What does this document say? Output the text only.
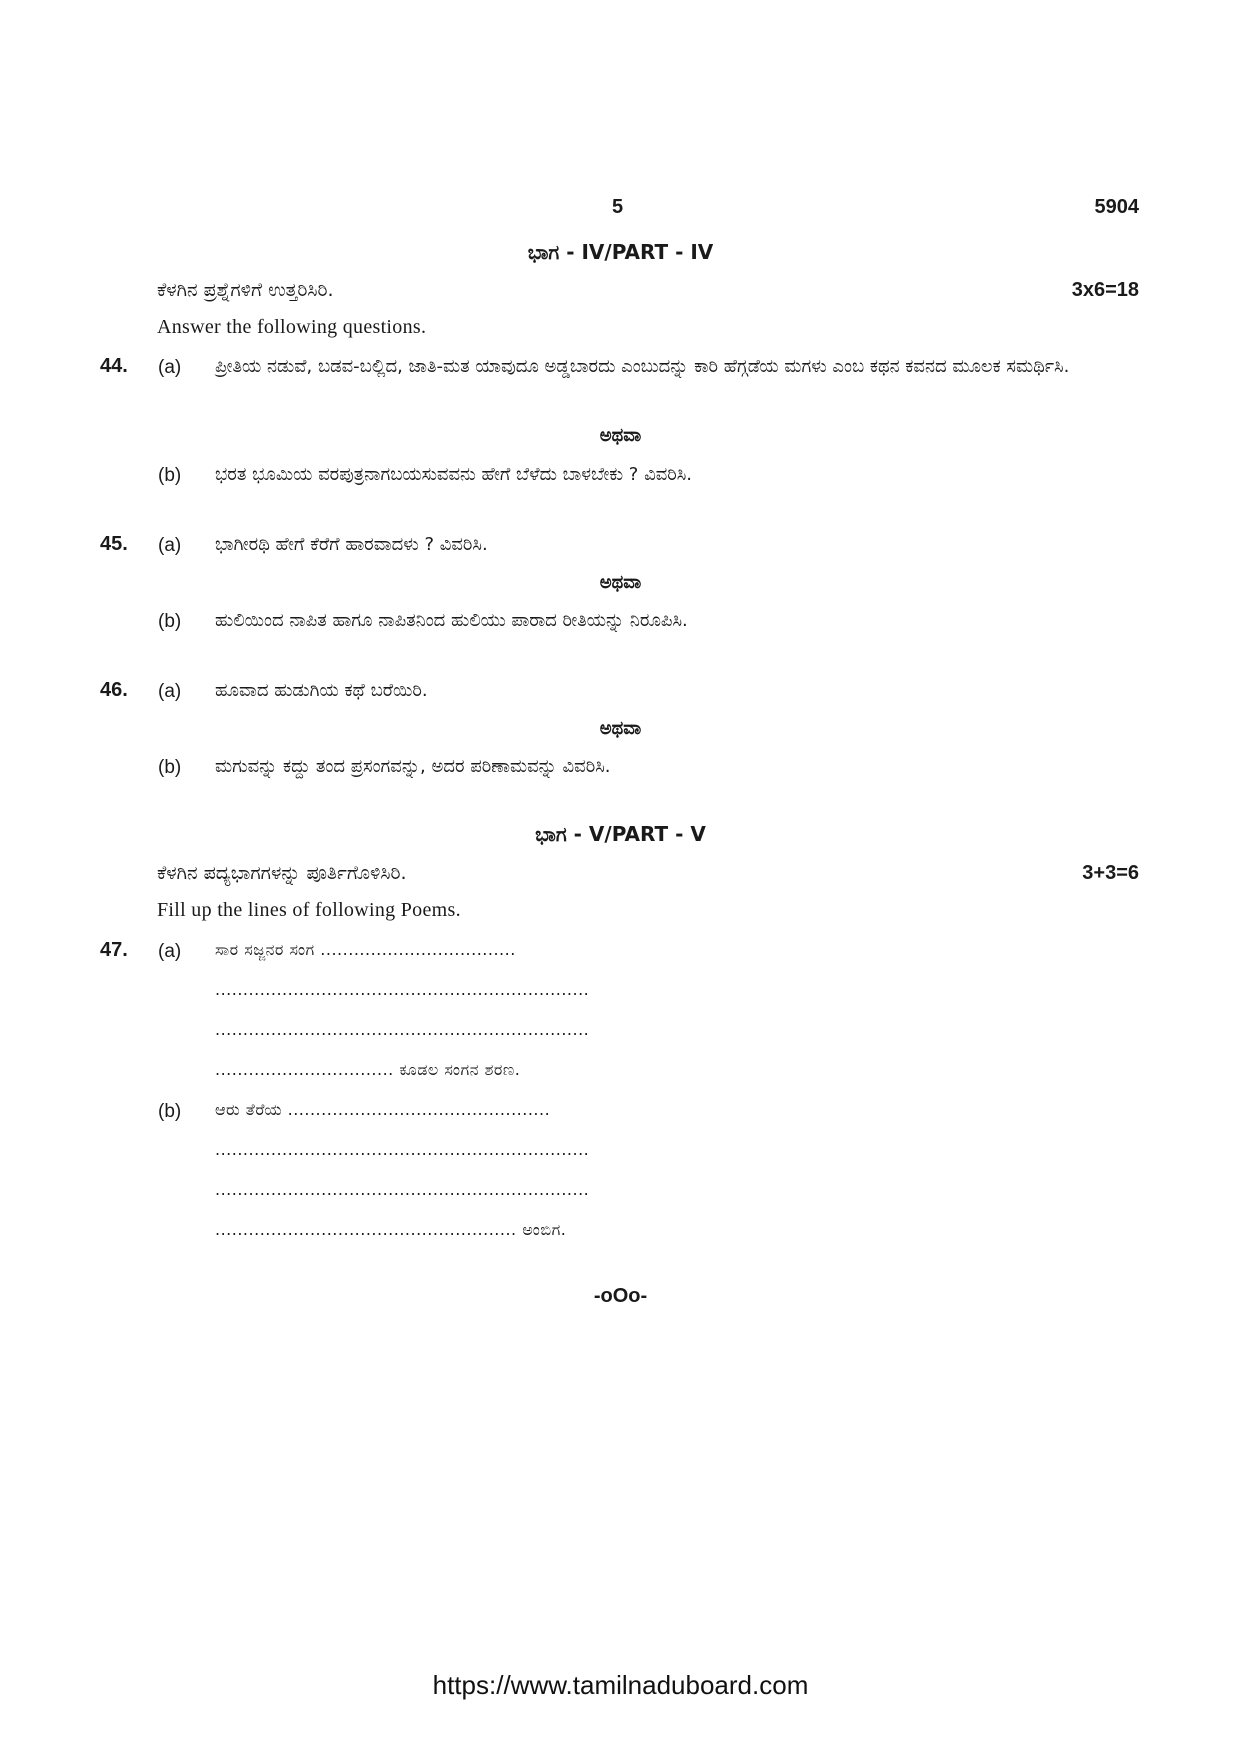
5	5904
ಭಾಗ - IV/PART - IV
ಕೆಳಗಿನ ಪ್ರಶ್ನೆಗಳಿಗೆ ಉತ್ತರಿಸಿರಿ.	3x6=18
Answer the following questions.
44. (a) ಪ್ರೀತಿಯ ನಡುವೆ, ಬಡವ-ಬಲ್ಲಿದ, ಜಾತಿ-ಮತ ಯಾವುದೂ ಅಡ್ಡಬಾರದು ಎಂಬುದನ್ನು ಕಾರಿ ಹೆಗ್ಗಡೆಯ ಮಗಳು ಎಂಬ ಕಥನ ಕವನದ ಮೂಲಕ ಸಮರ್ಥಿಸಿ.
ಅಥವಾ
(b) ಭರತ ಭೂಮಿಯ ವರಪುತ್ರನಾಗಬಯಸುವವನು ಹೇಗೆ ಬೆಳೆದು ಬಾಳಬೇಕು ? ವಿವರಿಸಿ.
45. (a) ಭಾಗೀರಥಿ ಹೇಗೆ ಕೆರೆಗೆ ಹಾರವಾದಳು ? ವಿವರಿಸಿ.
ಅಥವಾ
(b) ಹುಲಿಯಿಂದ ನಾಪಿತ ಹಾಗೂ ನಾಪಿತನಿಂದ ಹುಲಿಯು ಪಾರಾದ ರೀತಿಯನ್ನು ನಿರೂಪಿಸಿ.
46. (a) ಹೂವಾದ ಹುಡುಗಿಯ ಕಥೆ ಬರೆಯಿರಿ.
ಅಥವಾ
(b) ಮಗುವನ್ನು ಕದ್ದು ತಂದ ಪ್ರಸಂಗವನ್ನು, ಅದರ ಪರಿಣಾಮವನ್ನು ವಿವರಿಸಿ.
ಭಾಗ - V/PART - V
ಕೆಳಗಿನ ಪದ್ಯಭಾಗಗಳನ್ನು ಪೂರ್ತಿಗೊಳಿಸಿರಿ.	3+3=6
Fill up the lines of following Poems.
47. (a) ಸಾರ ಸಜ್ಜನರ ಸಂಗ ...................................
...................................................................
...................................................................
................................ ಕೂಡಲ ಸಂಗನ ಶರಣ.
(b) ಆರು ತೆರೆಯ ...............................................
...................................................................
...................................................................
...................................................... ಅಂಬಿಗ.
-oOo-
https://www.tamilnaduboard.com
